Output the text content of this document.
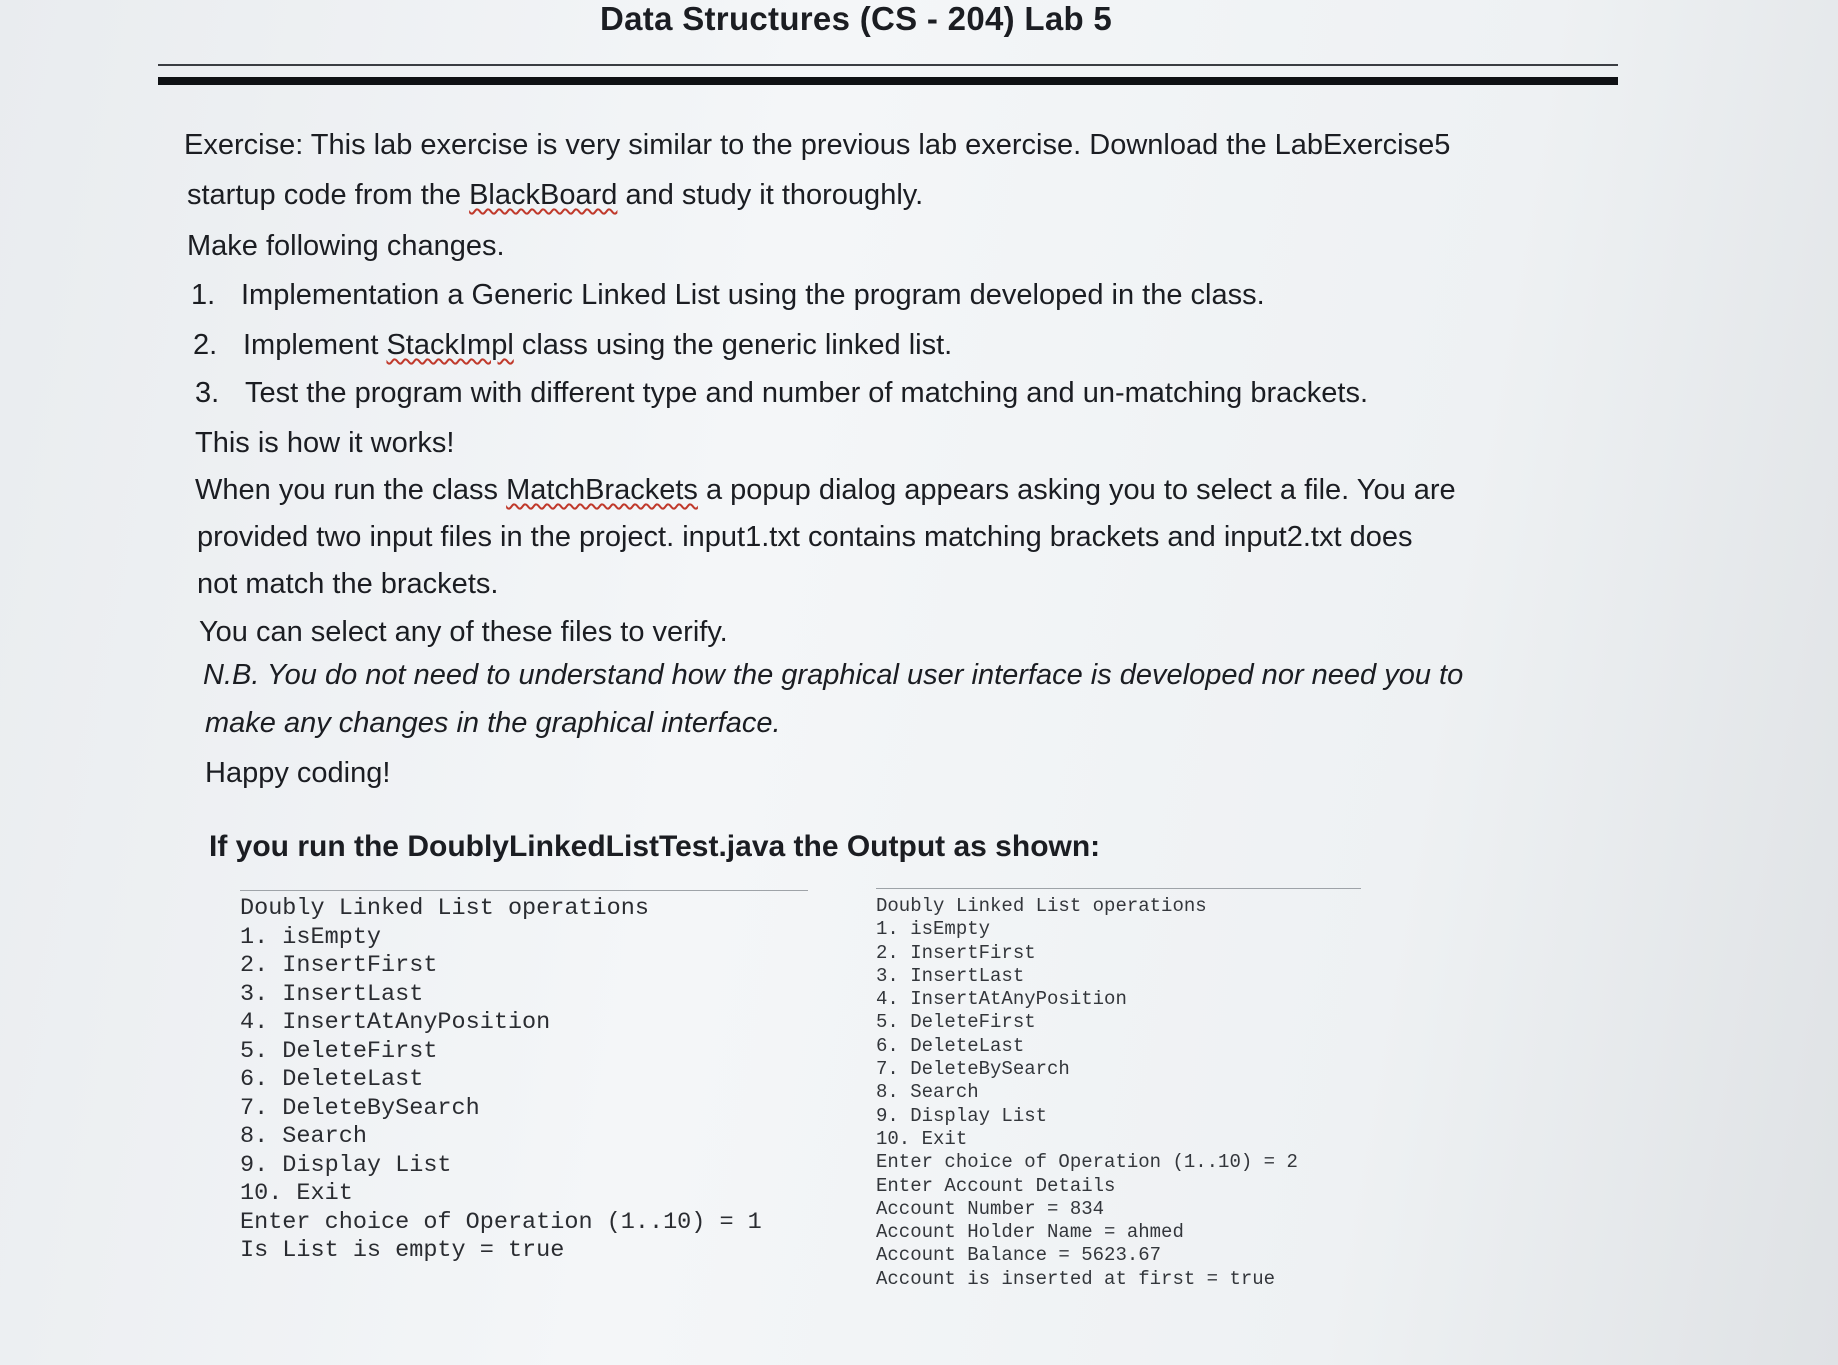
Data Structures (CS - 204) Lab 5
Exercise: This lab exercise is very similar to the previous lab exercise. Download the LabExercise5
startup code from the BlackBoard and study it thoroughly.
Make following changes.
1. Implementation a Generic Linked List using the program developed in the class.
2. Implement StackImpl class using the generic linked list.
3. Test the program with different type and number of matching and un-matching brackets.
This is how it works!
When you run the class MatchBrackets a popup dialog appears asking you to select a file. You are
provided two input files in the project. input1.txt contains matching brackets and input2.txt does
not match the brackets.
You can select any of these files to verify.
N.B. You do not need to understand how the graphical user interface is developed nor need you to
make any changes in the graphical interface.
Happy coding!
If you run the DoublyLinkedListTest.java the Output as shown:
Doubly Linked List operations
1. isEmpty
2. InsertFirst
3. InsertLast
4. InsertAtAnyPosition
5. DeleteFirst
6. DeleteLast
7. DeleteBySearch
8. Search
9. Display List
10. Exit
Enter choice of Operation (1..10) = 1
Is List is empty = true
Doubly Linked List operations
1. isEmpty
2. InsertFirst
3. InsertLast
4. InsertAtAnyPosition
5. DeleteFirst
6. DeleteLast
7. DeleteBySearch
8. Search
9. Display List
10. Exit
Enter choice of Operation (1..10) = 2
Enter Account Details
Account Number = 834
Account Holder Name = ahmed
Account Balance = 5623.67
Account is inserted at first = true
